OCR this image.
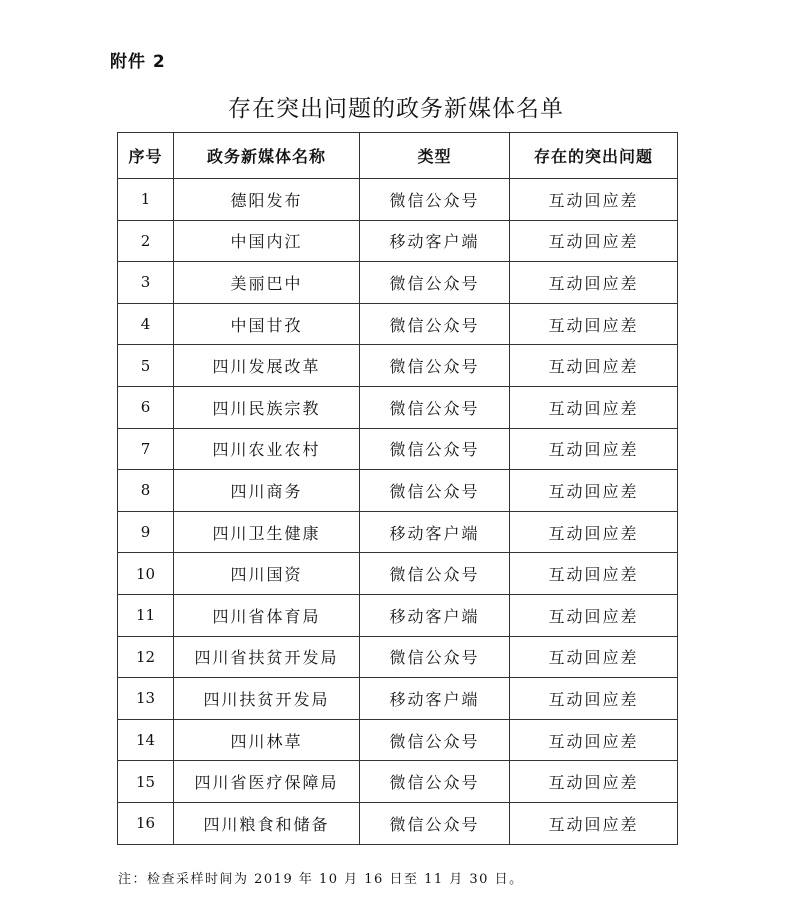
附件 2
存在突出问题的政务新媒体名单
序号	政务新媒体名称	类型	存在的突出问题
1	德阳发布	微信公众号	互动回应差
2	中国内江	移动客户端	互动回应差
3	美丽巴中	微信公众号	互动回应差
4	中国甘孜	微信公众号	互动回应差
5	四川发展改革	微信公众号	互动回应差
6	四川民族宗教	微信公众号	互动回应差
7	四川农业农村	微信公众号	互动回应差
8	四川商务	微信公众号	互动回应差
9	四川卫生健康	移动客户端	互动回应差
10	四川国资	微信公众号	互动回应差
11	四川省体育局	移动客户端	互动回应差
12	四川省扶贫开发局	微信公众号	互动回应差
13	四川扶贫开发局	移动客户端	互动回应差
14	四川林草	微信公众号	互动回应差
15	四川省医疗保障局	微信公众号	互动回应差
16	四川粮食和储备	微信公众号	互动回应差
注：检查采样时间为 2019 年 10 月 16 日至 11 月 30 日。
